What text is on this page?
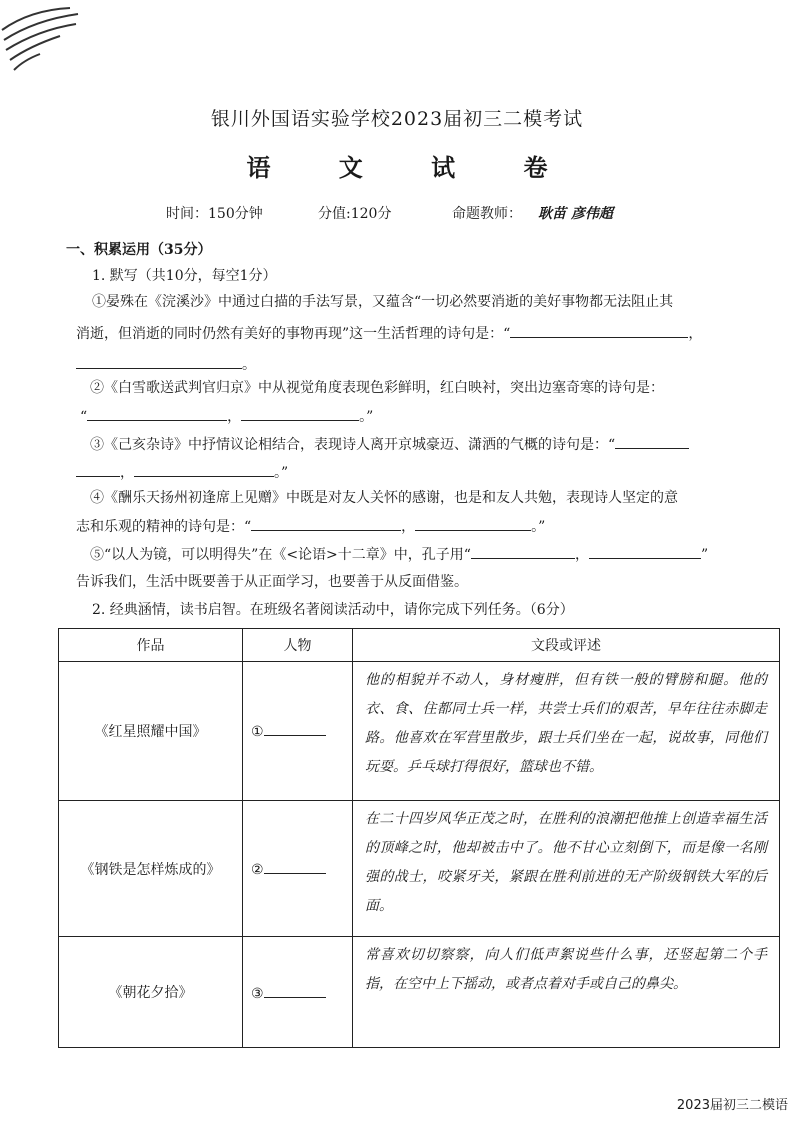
银川外国语实验学校2023届初三二模考试
语 文 试 卷
时间：150分钟	分值:120分	命题教师： 耿苗 彦伟超
一、积累运用（35分）
1. 默写（共10分，每空1分）
①晏殊在《浣溪沙》中通过白描的手法写景，又蕴含“一切必然要消逝的美好事物都无法阻止其
消逝，但消逝的同时仍然有美好的事物再现”这一生活哲理的诗句是：“	，
。
②《白雪歌送武判官归京》中从视觉角度表现色彩鲜明，红白映衬，突出边塞奇寒的诗句是：
“	，	。”
③《己亥杂诗》中抒情议论相结合，表现诗人离开京城豪迈、潇洒的气概的诗句是：“
，	。”
④《酬乐天扬州初逢席上见赠》中既是对友人关怀的感谢，也是和友人共勉，表现诗人坚定的意
志和乐观的精神的诗句是：“	，	。”
⑤“以人为镜，可以明得失”在《<论语>十二章》中，孔子用“	，	”
告诉我们，生活中既要善于从正面学习，也要善于从反面借鉴。
2. 经典涵情，读书启智。在班级名著阅读活动中，请你完成下列任务。（6分）
作品	人物	文段或评述
《红星照耀中国》	①	他的相貌并不动人，身材瘦胖，但有铁一般的臂膀和腿。他的衣、食、住都同士兵一样，共尝士兵们的艰苦，早年往往赤脚走路。他喜欢在军营里散步，跟士兵们坐在一起，说故事，同他们玩耍。乒乓球打得很好，篮球也不错。
《钢铁是怎样炼成的》	②	在二十四岁风华正茂之时，在胜利的浪潮把他推上创造幸福生活的顶峰之时，他却被击中了。他不甘心立刻倒下，而是像一名刚强的战士，咬紧牙关，紧跟在胜利前进的无产阶级钢铁大军的后面。
《朝花夕拾》	③	常喜欢切切察察，向人们低声絮说些什么事，还竖起第二个手指，在空中上下摇动，或者点着对手或自己的鼻尖。
2023届初三二模语
